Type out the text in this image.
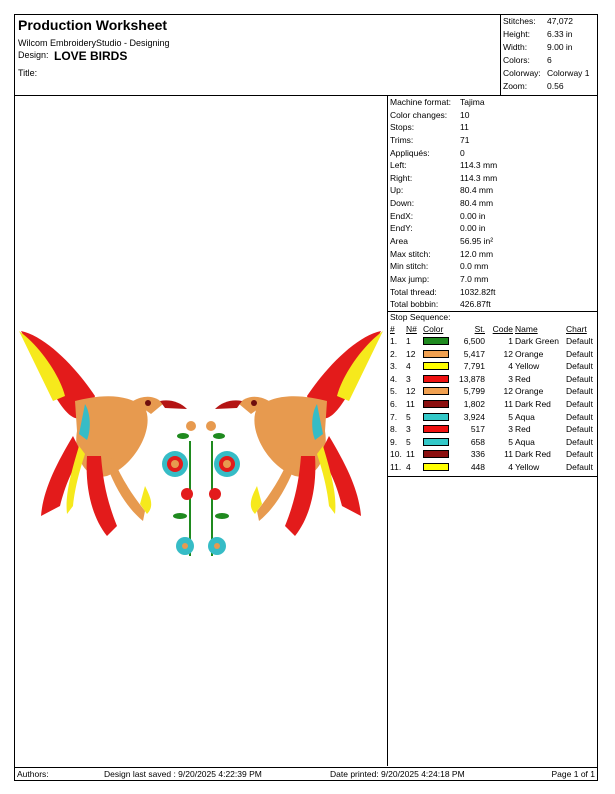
Production Worksheet
Wilcom EmbroideryStudio - Designing
Design: LOVE BIRDS
Title:
Stitches: 47,072
Height: 6.33 in
Width: 9.00 in
Colors: 6
Colorway: Colorway 1
Zoom: 0.56
Machine format: Tajima
Color changes: 10
Stops:	11
Trims:	71
Appliqués:	0
Left:	114.3 mm
Right:	114.3 mm
Up:	80.4 mm
Down:	80.4 mm
EndX:	0.00 in
EndY:	0.00 in
Area	56.95 in²
Max stitch:	12.0 mm
Min stitch:	0.0 mm
Max jump:	7.0 mm
Total thread:	1032.82ft
Total bobbin:	426.87ft
Stop Sequence:
# N# Color	St. Code Name	Chart
1. 1	6,500	1 Dark Green Default
2. 12	5,417 12 Orange	Default
3. 4	7,791	4 Yellow	Default
4. 3	13,878	3 Red	Default
5. 12	5,799 12 Orange	Default
6. 11	1,802 11 Dark Red Default
7. 5	3,924	5 Aqua	Default
8. 3	517	3 Red	Default
9. 5	658	5 Aqua	Default
10. 11	336 11 Dark Red Default
11. 4	448	4 Yellow	Default
Authors:	Design last saved : 9/20/2025 4:22:39 PM	Date printed: 9/20/2025 4:24:18 PM	Page 1 of 1
